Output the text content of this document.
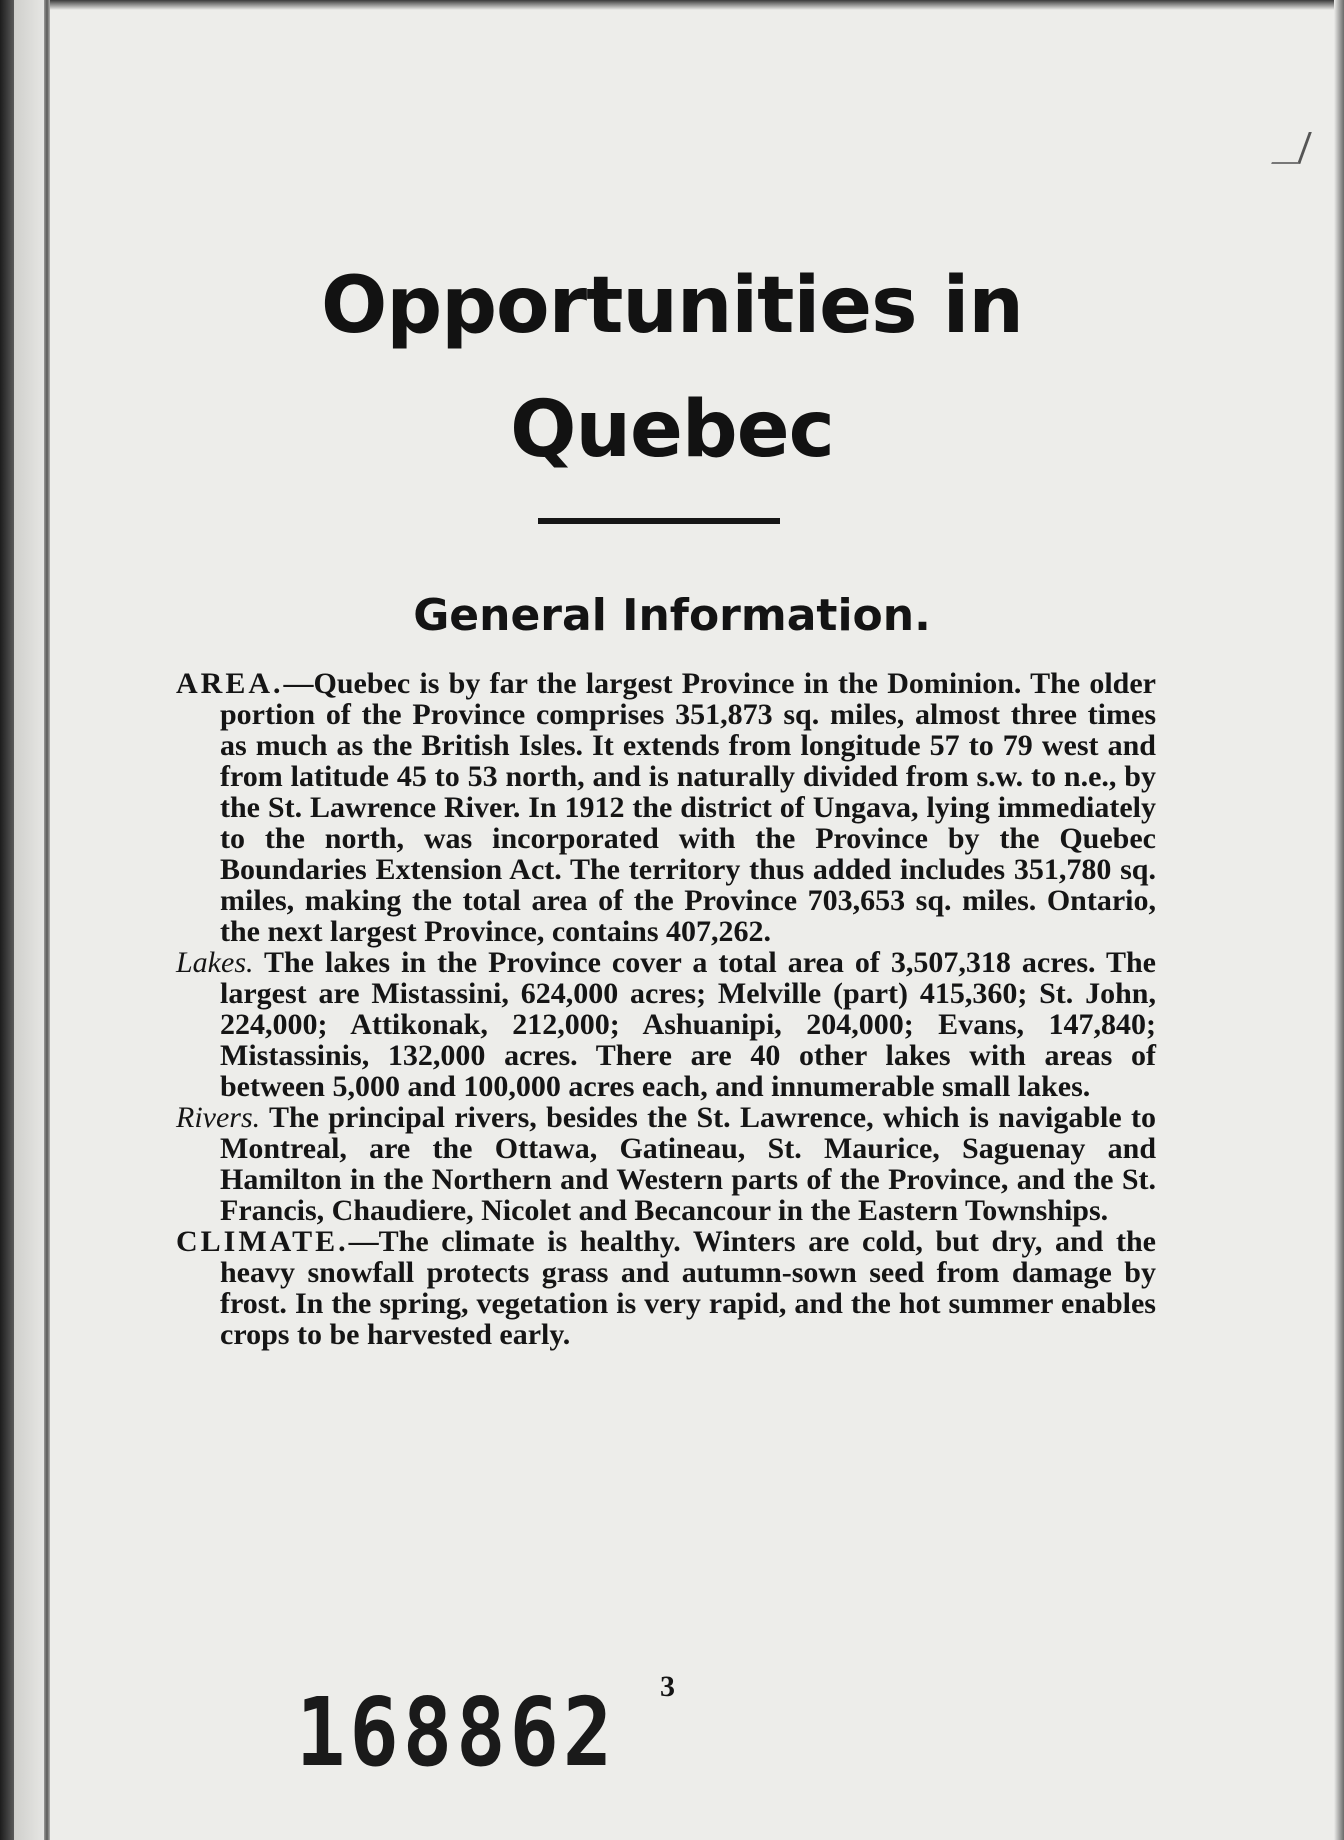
Opportunities in
Quebec
General Information.

AREA.—Quebec is by far the largest Province in the Dominion. The older portion of the Province comprises 351,873 sq. miles, almost three times as much as the British Isles. It extends from longitude 57 to 79 west and from latitude 45 to 53 north, and is naturally divided from s.w. to n.e., by the St. Lawrence River. In 1912 the district of Ungava, lying immediately to the north, was incorporated with the Province by the Quebec Boundaries Extension Act. The territory thus added includes 351,780 sq. miles, making the total area of the Province 703,653 sq. miles. Ontario, the next largest Province, contains 407,262.

Lakes. The lakes in the Province cover a total area of 3,507,318 acres. The largest are Mistassini, 624,000 acres; Melville (part) 415,360; St. John, 224,000; Attikonak, 212,000; Ashuanipi, 204,000; Evans, 147,840; Mistassinis, 132,000 acres. There are 40 other lakes with areas of between 5,000 and 100,000 acres each, and innumerable small lakes.

Rivers. The principal rivers, besides the St. Lawrence, which is navigable to Montreal, are the Ottawa, Gatineau, St. Maurice, Saguenay and Hamilton in the Northern and Western parts of the Province, and the St. Francis, Chaudiere, Nicolet and Becancour in the Eastern Townships.

CLIMATE.—The climate is healthy. Winters are cold, but dry, and the heavy snowfall protects grass and autumn-sown seed from damage by frost. In the spring, vegetation is very rapid, and the hot summer enables crops to be harvested early.

3
168862
